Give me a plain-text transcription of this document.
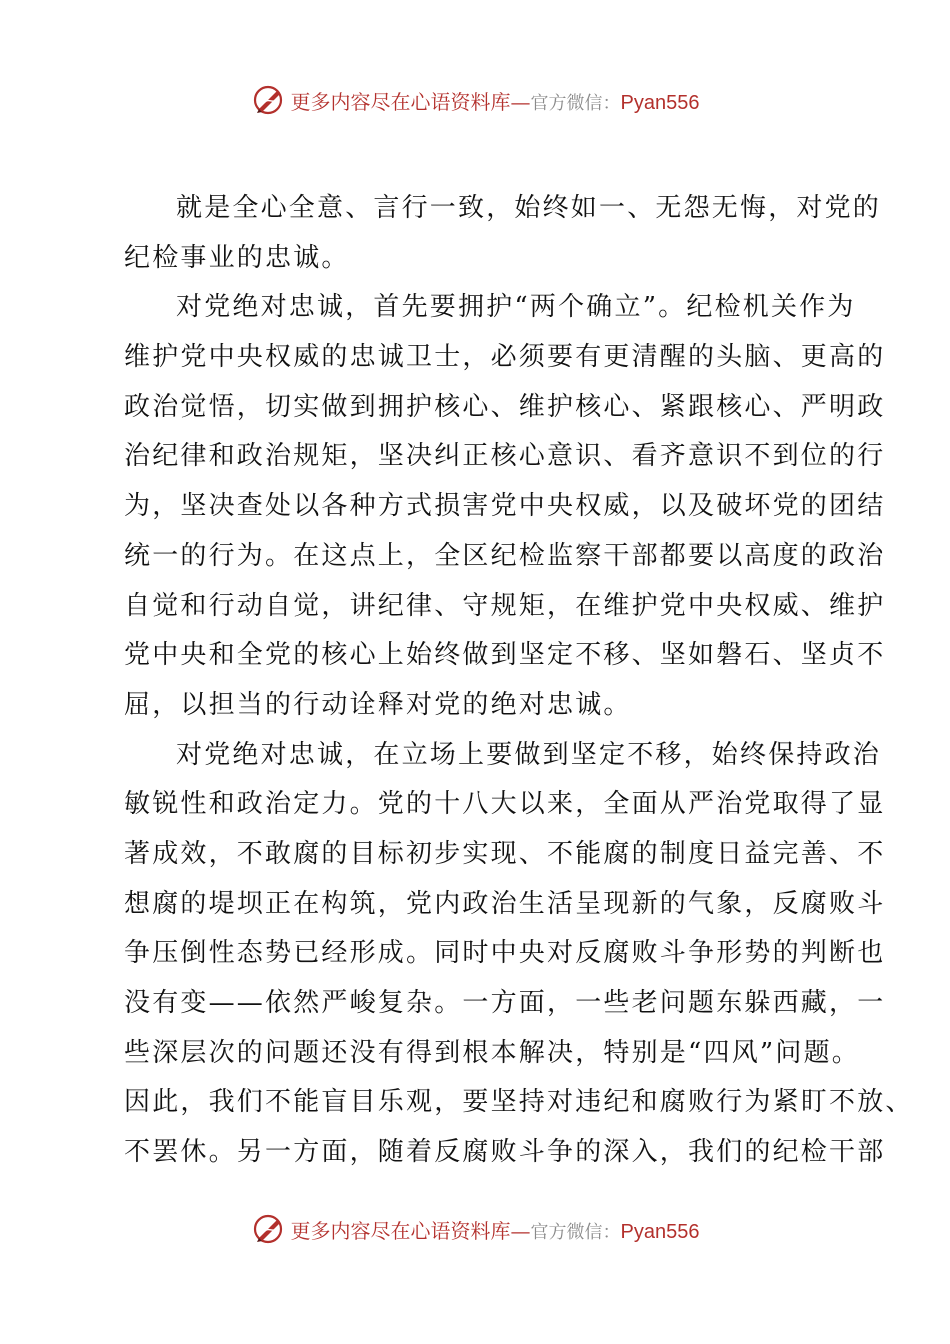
更多内容尽在心语资料库—官方微信：Pyan556
就是全心全意、言行一致，始终如一、无怨无悔，对党的
纪检事业的忠诚。
对党绝对忠诚，首先要拥护“两个确立”。纪检机关作为
维护党中央权威的忠诚卫士，必须要有更清醒的头脑、更高的
政治觉悟，切实做到拥护核心、维护核心、紧跟核心、严明政
治纪律和政治规矩，坚决纠正核心意识、看齐意识不到位的行
为，坚决查处以各种方式损害党中央权威，以及破坏党的团结
统一的行为。在这点上，全区纪检监察干部都要以高度的政治
自觉和行动自觉，讲纪律、守规矩，在维护党中央权威、维护
党中央和全党的核心上始终做到坚定不移、坚如磐石、坚贞不
屈，以担当的行动诠释对党的绝对忠诚。
对党绝对忠诚，在立场上要做到坚定不移，始终保持政治
敏锐性和政治定力。党的十八大以来，全面从严治党取得了显
著成效，不敢腐的目标初步实现、不能腐的制度日益完善、不
想腐的堤坝正在构筑，党内政治生活呈现新的气象，反腐败斗
争压倒性态势已经形成。同时中央对反腐败斗争形势的判断也
没有变——依然严峻复杂。一方面，一些老问题东躲西藏，一
些深层次的问题还没有得到根本解决，特别是“四风”问题。
因此，我们不能盲目乐观，要坚持对违纪和腐败行为紧盯不放、
不罢休。另一方面，随着反腐败斗争的深入，我们的纪检干部
更多内容尽在心语资料库—官方微信：Pyan556
